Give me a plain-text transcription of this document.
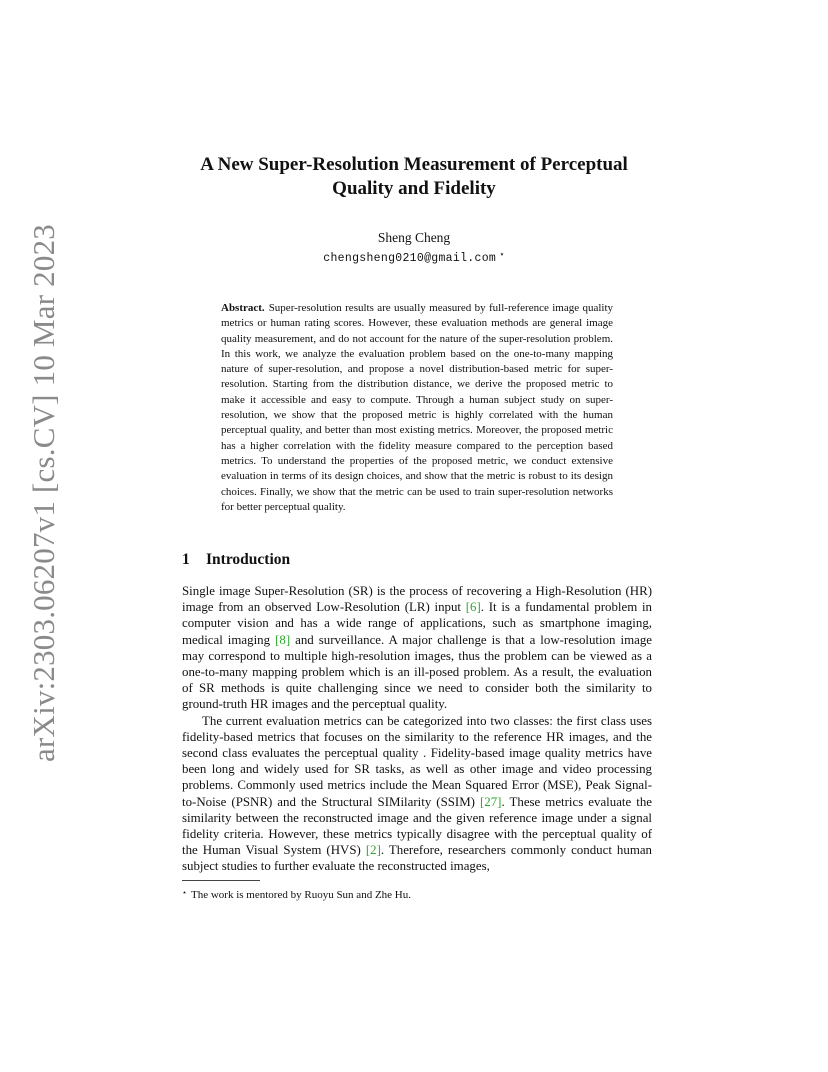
arXiv:2303.06207v1 [cs.CV] 10 Mar 2023
A New Super-Resolution Measurement of Perceptual
Quality and Fidelity
Sheng Cheng
chengsheng0210@gmail.com ⋆
Abstract. Super-resolution results are usually measured by full-reference image quality metrics or human rating scores. However, these evaluation methods are general image quality measurement, and do not account for the nature of the super-resolution problem. In this work, we analyze the evaluation problem based on the one-to-many mapping nature of super-resolution, and propose a novel distribution-based metric for super-resolution. Starting from the distribution distance, we derive the proposed metric to make it accessible and easy to compute. Through a human subject study on super-resolution, we show that the proposed metric is highly correlated with the human perceptual quality, and better than most existing metrics. Moreover, the proposed metric has a higher correlation with the fidelity measure compared to the perception based metrics. To understand the properties of the proposed metric, we conduct extensive evaluation in terms of its design choices, and show that the metric is robust to its design choices. Finally, we show that the metric can be used to train super-resolution networks for better perceptual quality.
1 Introduction

Single image Super-Resolution (SR) is the process of recovering a High-Resolution (HR) image from an observed Low-Resolution (LR) input [6]. It is a fundamental problem in computer vision and has a wide range of applications, such as smartphone imaging, medical imaging [8] and surveillance. A major challenge is that a low-resolution image may correspond to multiple high-resolution images, thus the problem can be viewed as a one-to-many mapping problem which is an ill-posed problem. As a result, the evaluation of SR methods is quite challenging since we need to consider both the similarity to ground-truth HR images and the perceptual quality.

The current evaluation metrics can be categorized into two classes: the first class uses fidelity-based metrics that focuses on the similarity to the reference HR images, and the second class evaluates the perceptual quality . Fidelity-based image quality metrics have been long and widely used for SR tasks, as well as other image and video processing problems. Commonly used metrics include the Mean Squared Error (MSE), Peak Signal-to-Noise (PSNR) and the Structural SIMilarity (SSIM) [27]. These metrics evaluate the similarity between the reconstructed image and the given reference image under a signal fidelity criteria. However, these metrics typically disagree with the perceptual quality of the Human Visual System (HVS) [2]. Therefore, researchers commonly conduct human subject studies to further evaluate the reconstructed images,

⋆ The work is mentored by Ruoyu Sun and Zhe Hu.
